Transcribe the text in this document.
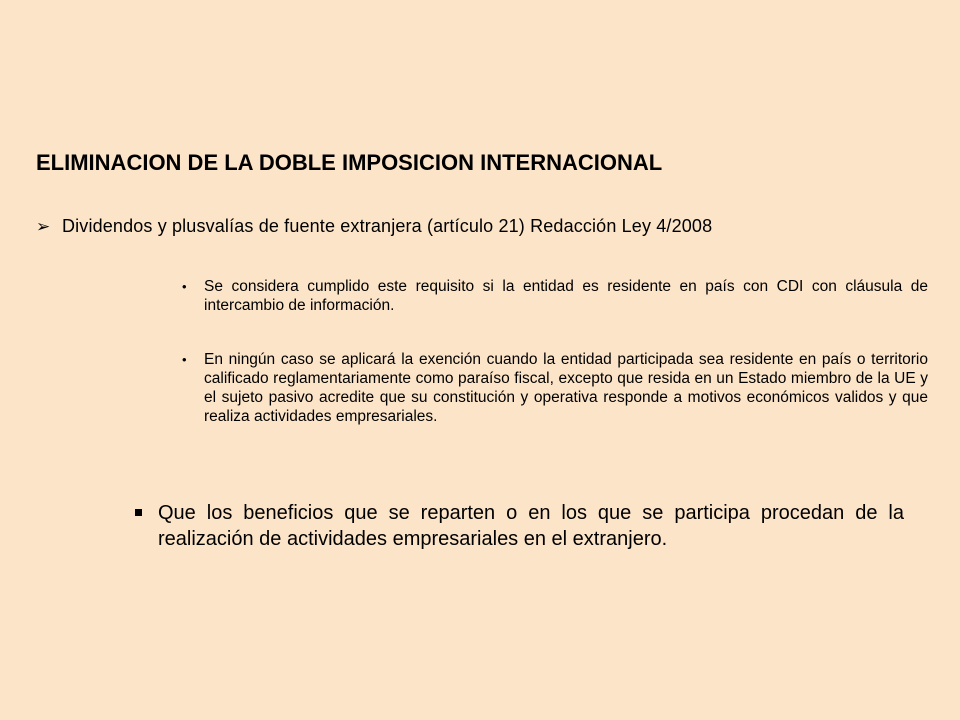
ELIMINACION DE LA DOBLE IMPOSICION INTERNACIONAL
➢ Dividendos y plusvalías de fuente extranjera (artículo 21) Redacción Ley 4/2008
•	Se considera cumplido este requisito si la entidad es residente en país con CDI con cláusula de intercambio de información.
•	En ningún caso se aplicará la exención cuando la entidad participada sea residente en país o territorio calificado reglamentariamente como paraíso fiscal, excepto que resida en un Estado miembro de la UE y el sujeto pasivo acredite que su constitución y operativa responde a motivos económicos validos y que realiza actividades empresariales.
Que los beneficios que se reparten o en los que se participa procedan de la realización de actividades empresariales en el extranjero.
